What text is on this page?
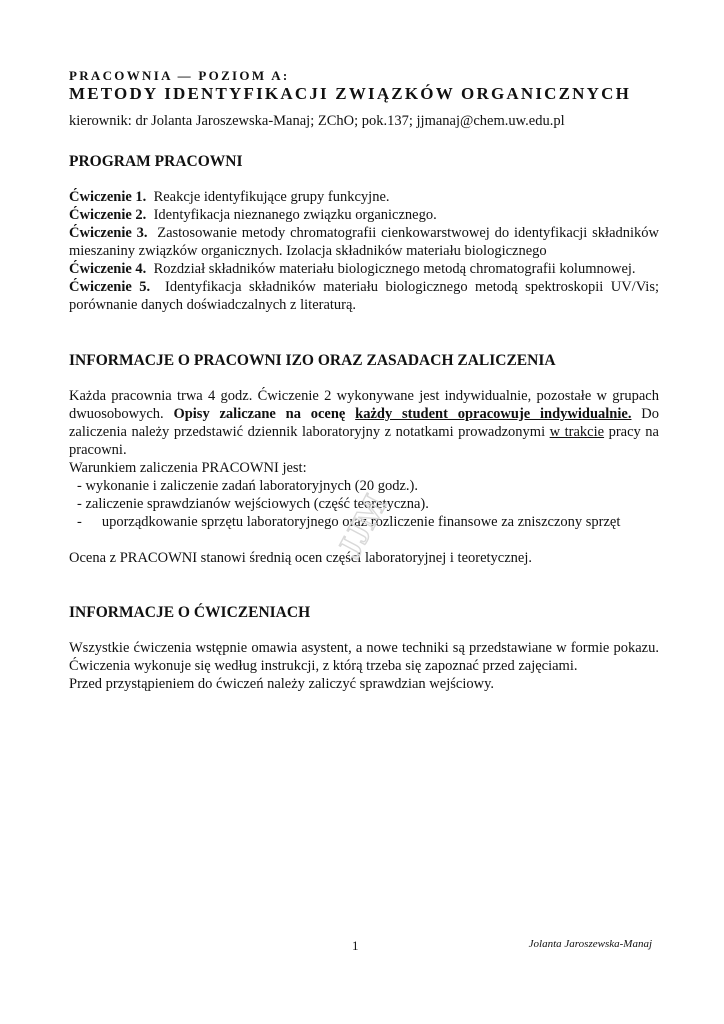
PRACOWNIA — POZIOM A:
METODY IDENTYFIKACJI ZWIĄZKÓW ORGANICZNYCH
kierownik: dr Jolanta Jaroszewska-Manaj; ZChO; pok.137; jjmanaj@chem.uw.edu.pl
PROGRAM PRACOWNI

Ćwiczenie 1. Reakcje identyfikujące grupy funkcyjne.

Ćwiczenie 2. Identyfikacja nieznanego związku organicznego.

Ćwiczenie 3. Zastosowanie metody chromatografii cienkowarstwowej do identyfikacji składników mieszaniny związków organicznych. Izolacja składników materiału biologicznego

Ćwiczenie 4. Rozdział składników materiału biologicznego metodą chromatografii kolumnowej.

Ćwiczenie 5. Identyfikacja składników materiału biologicznego metodą spektroskopii UV/Vis; porównanie danych doświadczalnych z literaturą.

INFORMACJE O PRACOWNI IZO ORAZ ZASADACH ZALICZENIA

Każda pracownia trwa 4 godz. Ćwiczenie 2 wykonywane jest indywidualnie, pozostałe w grupach dwuosobowych. Opisy zaliczane na ocenę każdy student opracowuje indywidualnie. Do zaliczenia należy przedstawić dziennik laboratoryjny z notatkami prowadzonymi w trakcie pracy na pracowni.

Warunkiem zaliczenia PRACOWNI jest:

- wykonanie i zaliczenie zadań laboratoryjnych (20 godz.).
- zaliczenie sprawdzianów wejściowych (część teoretyczna).
- uporządkowanie sprzętu laboratoryjnego oraz rozliczenie finansowe za zniszczony sprzęt
Ocena z PRACOWNI stanowi średnią ocen części laboratoryjnej i teoretycznej.
INFORMACJE O ĆWICZENIACH

Wszystkie ćwiczenia wstępnie omawia asystent, a nowe techniki są przedstawiane w formie pokazu. Ćwiczenia wykonuje się według instrukcji, z którą trzeba się zapoznać przed zajęciami.

Przed przystąpieniem do ćwiczeń należy zaliczyć sprawdzian wejściowy.

JJM
1	Jolanta Jaroszewska-Manaj
